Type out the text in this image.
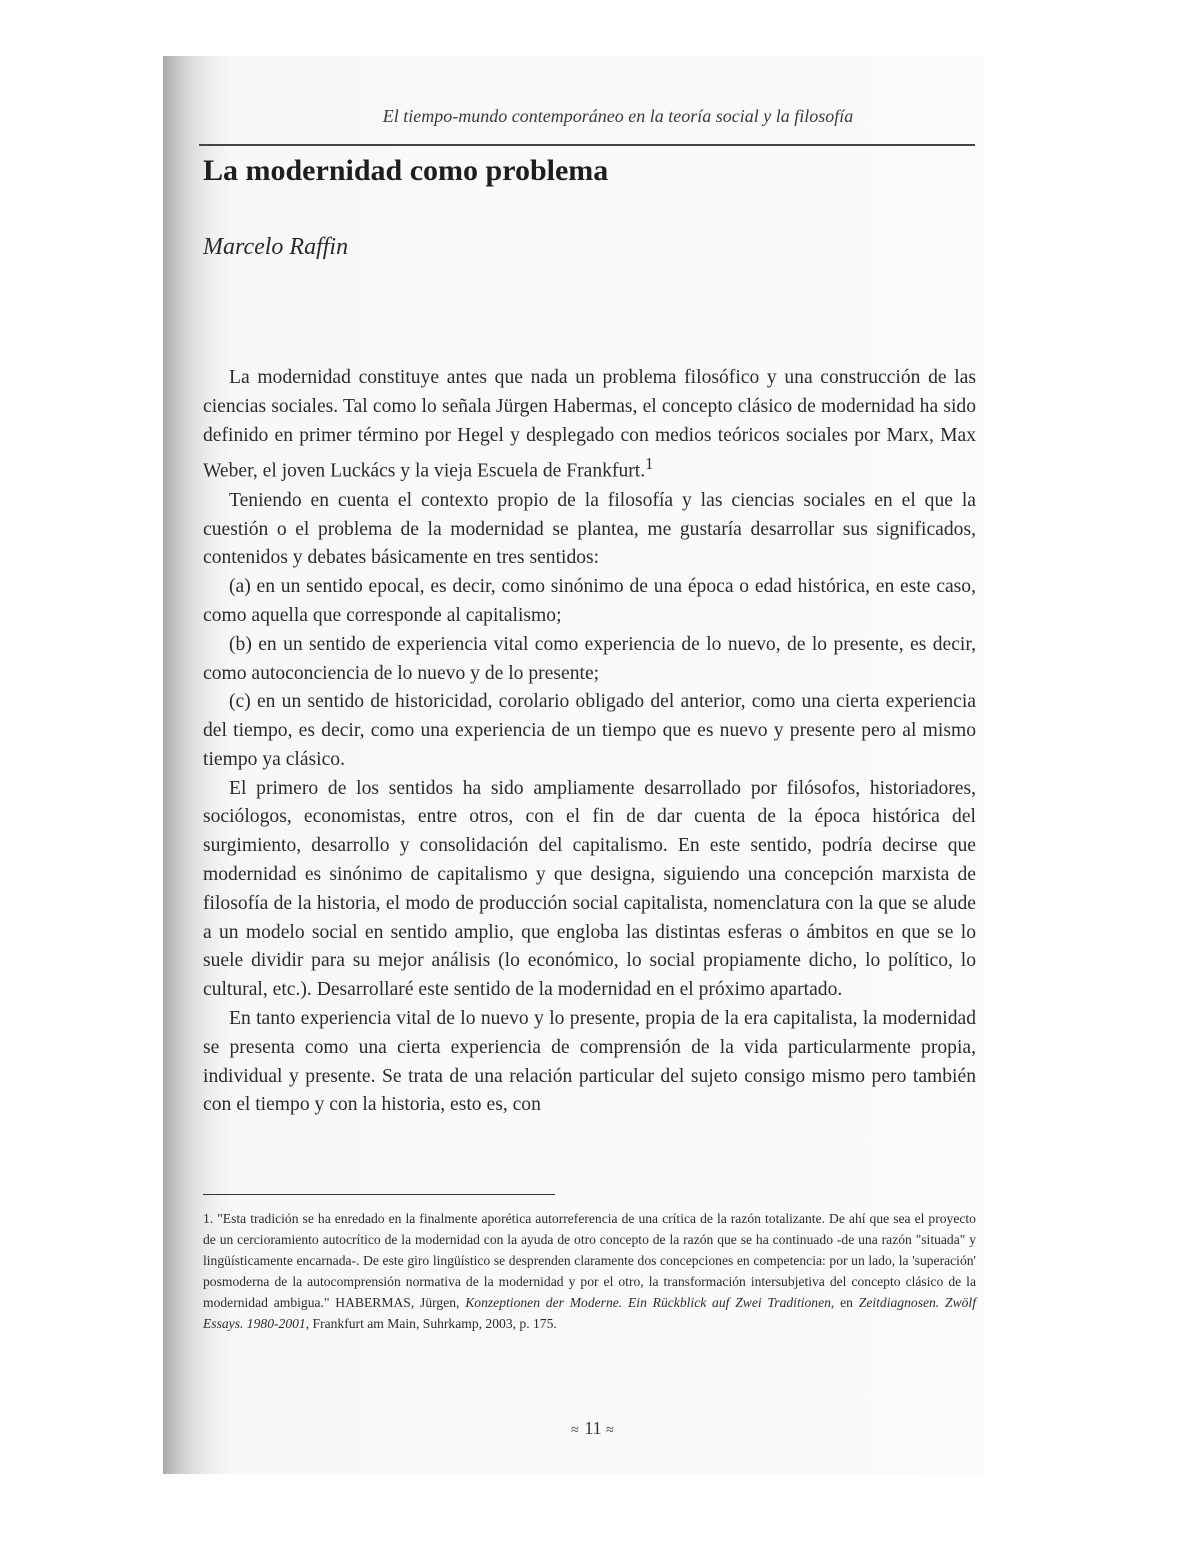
El tiempo-mundo contemporáneo en la teoría social y la filosofía
La modernidad como problema
Marcelo Raffin

La modernidad constituye antes que nada un problema filosófico y una construcción de las ciencias sociales. Tal como lo señala Jürgen Habermas, el concepto clásico de modernidad ha sido definido en primer término por Hegel y desplegado con medios teóricos sociales por Marx, Max Weber, el joven Luckács y la vieja Escuela de Frankfurt.$^1$

Teniendo en cuenta el contexto propio de la filosofía y las ciencias sociales en el que la cuestión o el problema de la modernidad se plantea, me gustaría desarrollar sus significados, contenidos y debates básicamente en tres sentidos:

(a) en un sentido epocal, es decir, como sinónimo de una época o edad histórica, en este caso, como aquella que corresponde al capitalismo;

(b) en un sentido de experiencia vital como experiencia de lo nuevo, de lo presente, es decir, como autoconciencia de lo nuevo y de lo presente;

(c) en un sentido de historicidad, corolario obligado del anterior, como una cierta experiencia del tiempo, es decir, como una experiencia de un tiempo que es nuevo y presente pero al mismo tiempo ya clásico.

El primero de los sentidos ha sido ampliamente desarrollado por filósofos, historiadores, sociólogos, economistas, entre otros, con el fin de dar cuenta de la época histórica del surgimiento, desarrollo y consolidación del capitalismo. En este sentido, podría decirse que modernidad es sinónimo de capitalismo y que designa, siguiendo una concepción marxista de filosofía de la historia, el modo de producción social capitalista, nomenclatura con la que se alude a un modelo social en sentido amplio, que engloba las distintas esferas o ámbitos en que se lo suele dividir para su mejor análisis (lo económico, lo social propiamente dicho, lo político, lo cultural, etc.). Desarrollaré este sentido de la modernidad en el próximo apartado.

En tanto experiencia vital de lo nuevo y lo presente, propia de la era capitalista, la modernidad se presenta como una cierta experiencia de comprensión de la vida particularmente propia, individual y presente. Se trata de una relación particular del sujeto consigo mismo pero también con el tiempo y con la historia, esto es, con

1. "Esta tradición se ha enredado en la finalmente aporética autorreferencia de una crítica de la razón totalizante. De ahí que sea el proyecto de un cercioramiento autocrítico de la modernidad con la ayuda de otro concepto de la razón que se ha continuado -de una razón "situada" y lingüísticamente encarnada-. De este giro lingüístico se desprenden claramente dos concepciones en competencia: por un lado, la 'superación' posmoderna de la autocomprensión normativa de la modernidad y por el otro, la transformación intersubjetiva del concepto clásico de la modernidad ambigua." HABERMAS, Jürgen, Konzeptionen der Moderne. Ein Rückblick auf Zwei Traditionen, en Zeitdiagnosen. Zwölf Essays. 1980-2001, Frankfurt am Main, Suhrkamp, 2003, p. 175.

≈ 11 ≈
